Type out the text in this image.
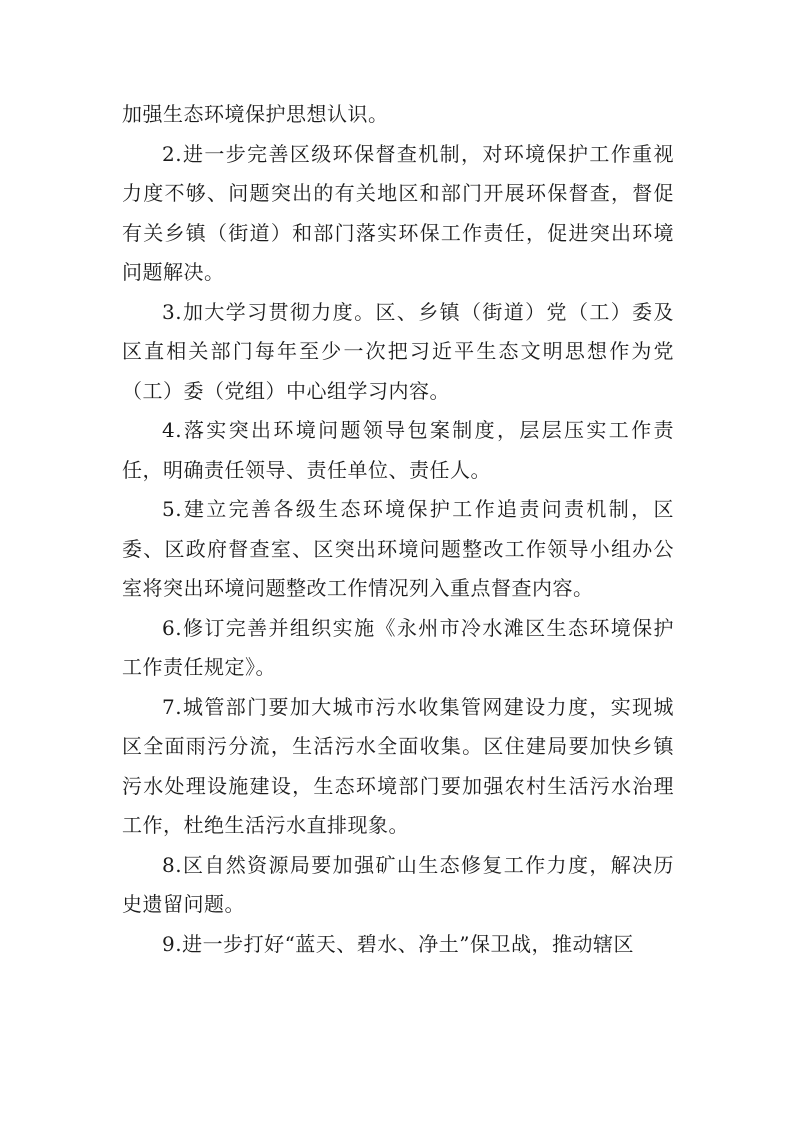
加强生态环境保护思想认识。

2.进一步完善区级环保督查机制，对环境保护工作重视力度不够、问题突出的有关地区和部门开展环保督查，督促有关乡镇（街道）和部门落实环保工作责任，促进突出环境问题解决。

3.加大学习贯彻力度。区、乡镇（街道）党（工）委及区直相关部门每年至少一次把习近平生态文明思想作为党（工）委（党组）中心组学习内容。

4.落实突出环境问题领导包案制度，层层压实工作责任，明确责任领导、责任单位、责任人。

5.建立完善各级生态环境保护工作追责问责机制，区委、区政府督查室、区突出环境问题整改工作领导小组办公室将突出环境问题整改工作情况列入重点督查内容。

6.修订完善并组织实施《永州市冷水滩区生态环境保护工作责任规定》。

7.城管部门要加大城市污水收集管网建设力度，实现城区全面雨污分流，生活污水全面收集。区住建局要加快乡镇污水处理设施建设，生态环境部门要加强农村生活污水治理工作，杜绝生活污水直排现象。

8.区自然资源局要加强矿山生态修复工作力度，解决历史遗留问题。

9.进一步打好“蓝天、碧水、净土”保卫战，推动辖区
